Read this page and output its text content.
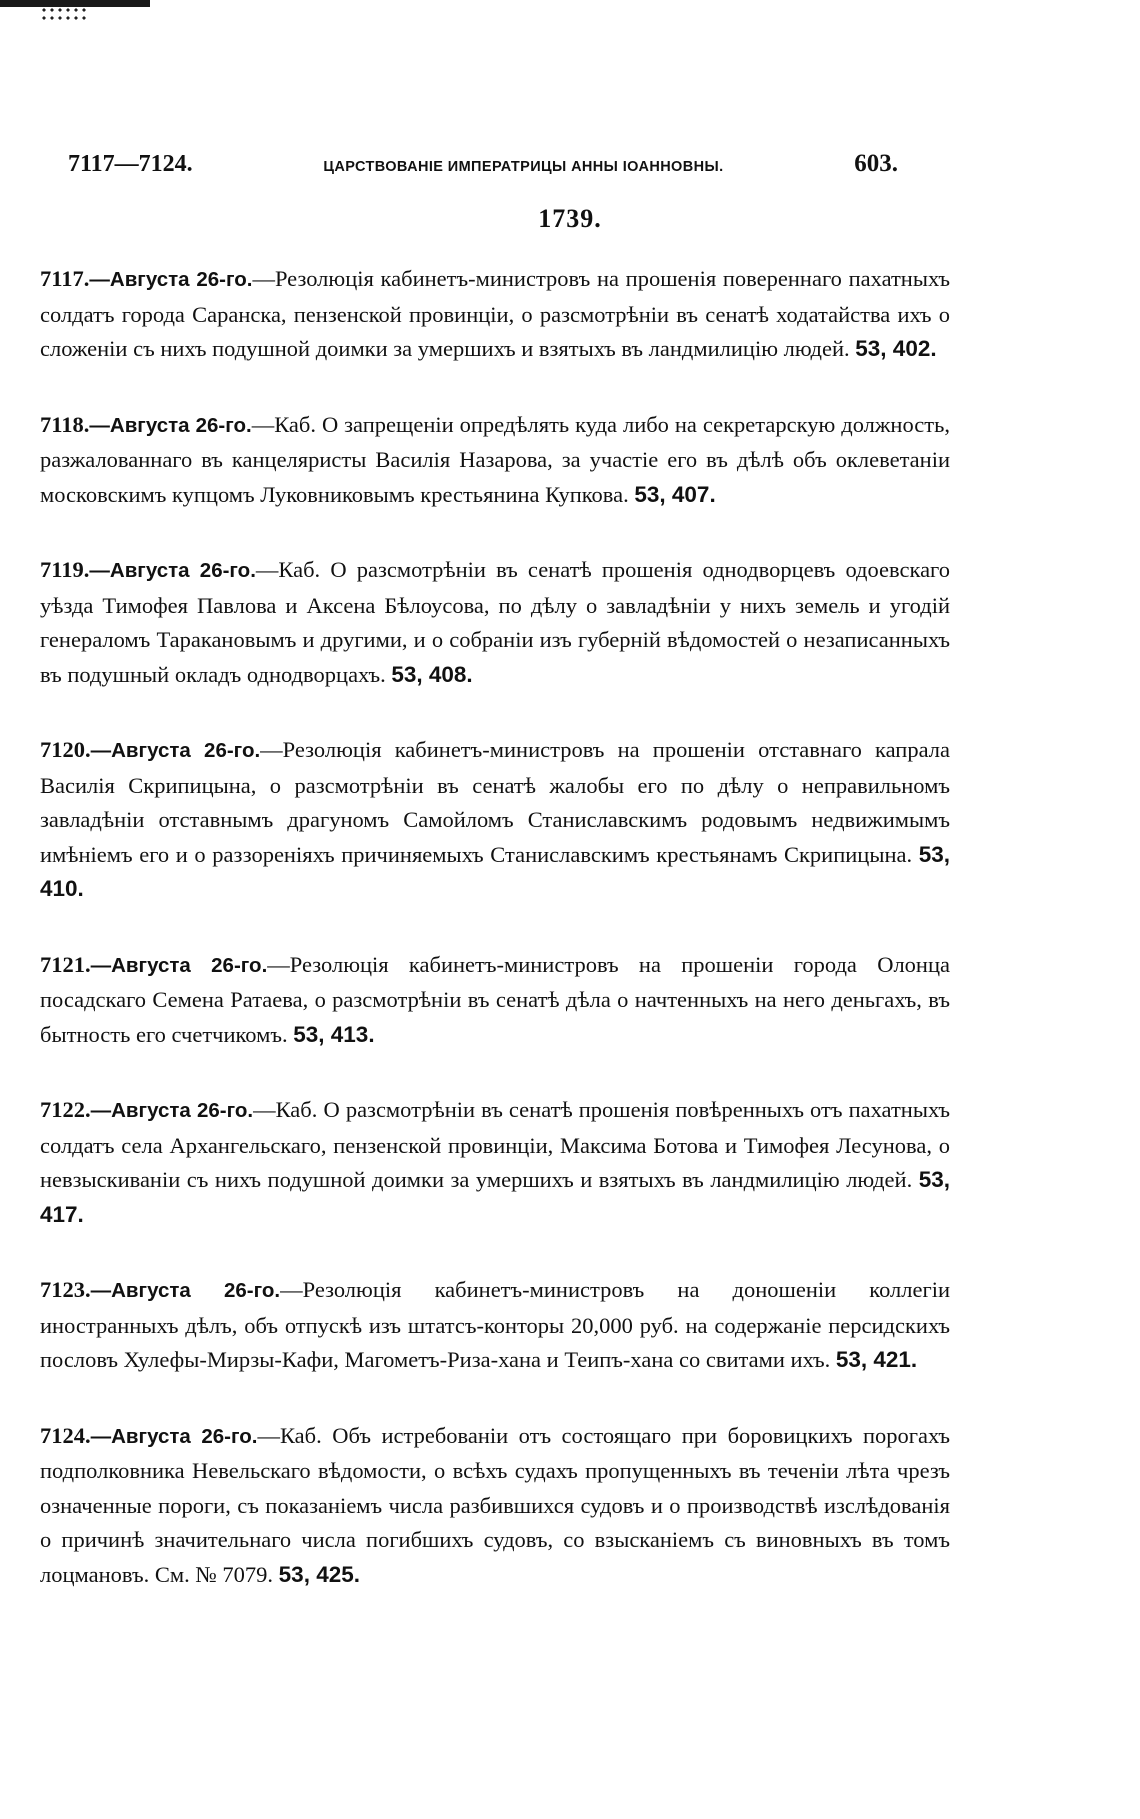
7117—7124.	ЦАРСТВОВАНІЕ ИМПЕРАТРИЦЫ АННЫ ІОАННОВНЫ.	603.
1739.

7117.—Августа 26-го.—Резолюція кабинетъ-министровъ на прошенія повереннаго пахатныхъ солдатъ города Саранска, пензенской провинціи, о разсмотрѣніи въ сенатѣ ходатайства ихъ о сложеніи съ нихъ подушной доимки за умершихъ и взятыхъ въ ландмилицію людей. 53, 402.

7118.—Августа 26-го.—Каб. О запрещеніи опредѣлять куда либо на секретарскую должность, разжалованнаго въ канцеляристы Василія Назарова, за участіе его въ дѣлѣ объ оклеветаніи московскимъ купцомъ Луковниковымъ крестьянина Купкова. 53, 407.

7119.—Августа 26-го.—Каб. О разсмотрѣніи въ сенатѣ прошенія однодворцевъ одоевскаго уѣзда Тимофея Павлова и Аксена Бѣлоусова, по дѣлу о завладѣніи у нихъ земель и угодій генераломъ Таракановымъ и другими, и о собраніи изъ губерній вѣдомостей о незаписанныхъ въ подушный окладъ однодворцахъ. 53, 408.

7120.—Августа 26-го.—Резолюція кабинетъ-министровъ на прошеніи отставнаго капрала Василія Скрипицына, о разсмотрѣніи въ сенатѣ жалобы его по дѣлу о неправильномъ завладѣніи отставнымъ драгуномъ Самойломъ Станиславскимъ родовымъ недвижимымъ имѣніемъ его и о раззореніяхъ причиняемыхъ Станиславскимъ крестьянамъ Скрипицына. 53, 410.

7121.—Августа 26-го.—Резолюція кабинетъ-министровъ на прошеніи города Олонца посадскаго Семена Ратаева, о разсмотрѣніи въ сенатѣ дѣла о начтенныхъ на него деньгахъ, въ бытность его счетчикомъ. 53, 413.

7122.—Августа 26-го.—Каб. О разсмотрѣніи въ сенатѣ прошенія повѣренныхъ отъ пахатныхъ солдатъ села Архангельскаго, пензенской провинціи, Максима Ботова и Тимофея Лесунова, о невзыскиваніи съ нихъ подушной доимки за умершихъ и взятыхъ въ ландмилицію людей. 53, 417.

7123.—Августа 26-го.—Резолюція кабинетъ-министровъ на доношеніи коллегіи иностранныхъ дѣлъ, объ отпускѣ изъ штатсъ-конторы 20,000 руб. на содержаніе персидскихъ пословъ Хулефы-Мирзы-Кафи, Магометъ-Риза-хана и Теипъ-хана со свитами ихъ. 53, 421.

7124.—Августа 26-го.—Каб. Объ истребованіи отъ состоящаго при боровицкихъ порогахъ подполковника Невельскаго вѣдомости, о всѣхъ судахъ пропущенныхъ въ теченіи лѣта чрезъ означенные пороги, съ показаніемъ числа разбившихся судовъ и о производствѣ изслѣдованія о причинѣ значительнаго числа погибшихъ судовъ, со взысканіемъ съ виновныхъ въ томъ лоцмановъ. См. № 7079. 53, 425.
